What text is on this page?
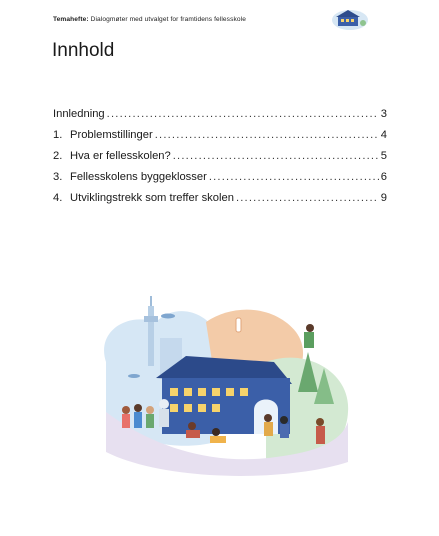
Temahefte: Dialogmøter med utvalget for framtidens fellesskole
Innhold
Innledning .....	3
1. Problemstillinger .....	4
2. Hva er fellesskolen? .....	5
3. Fellesskolens byggeklosser .....	6
4. Utviklingstrekk som treffer skolen .....	9
